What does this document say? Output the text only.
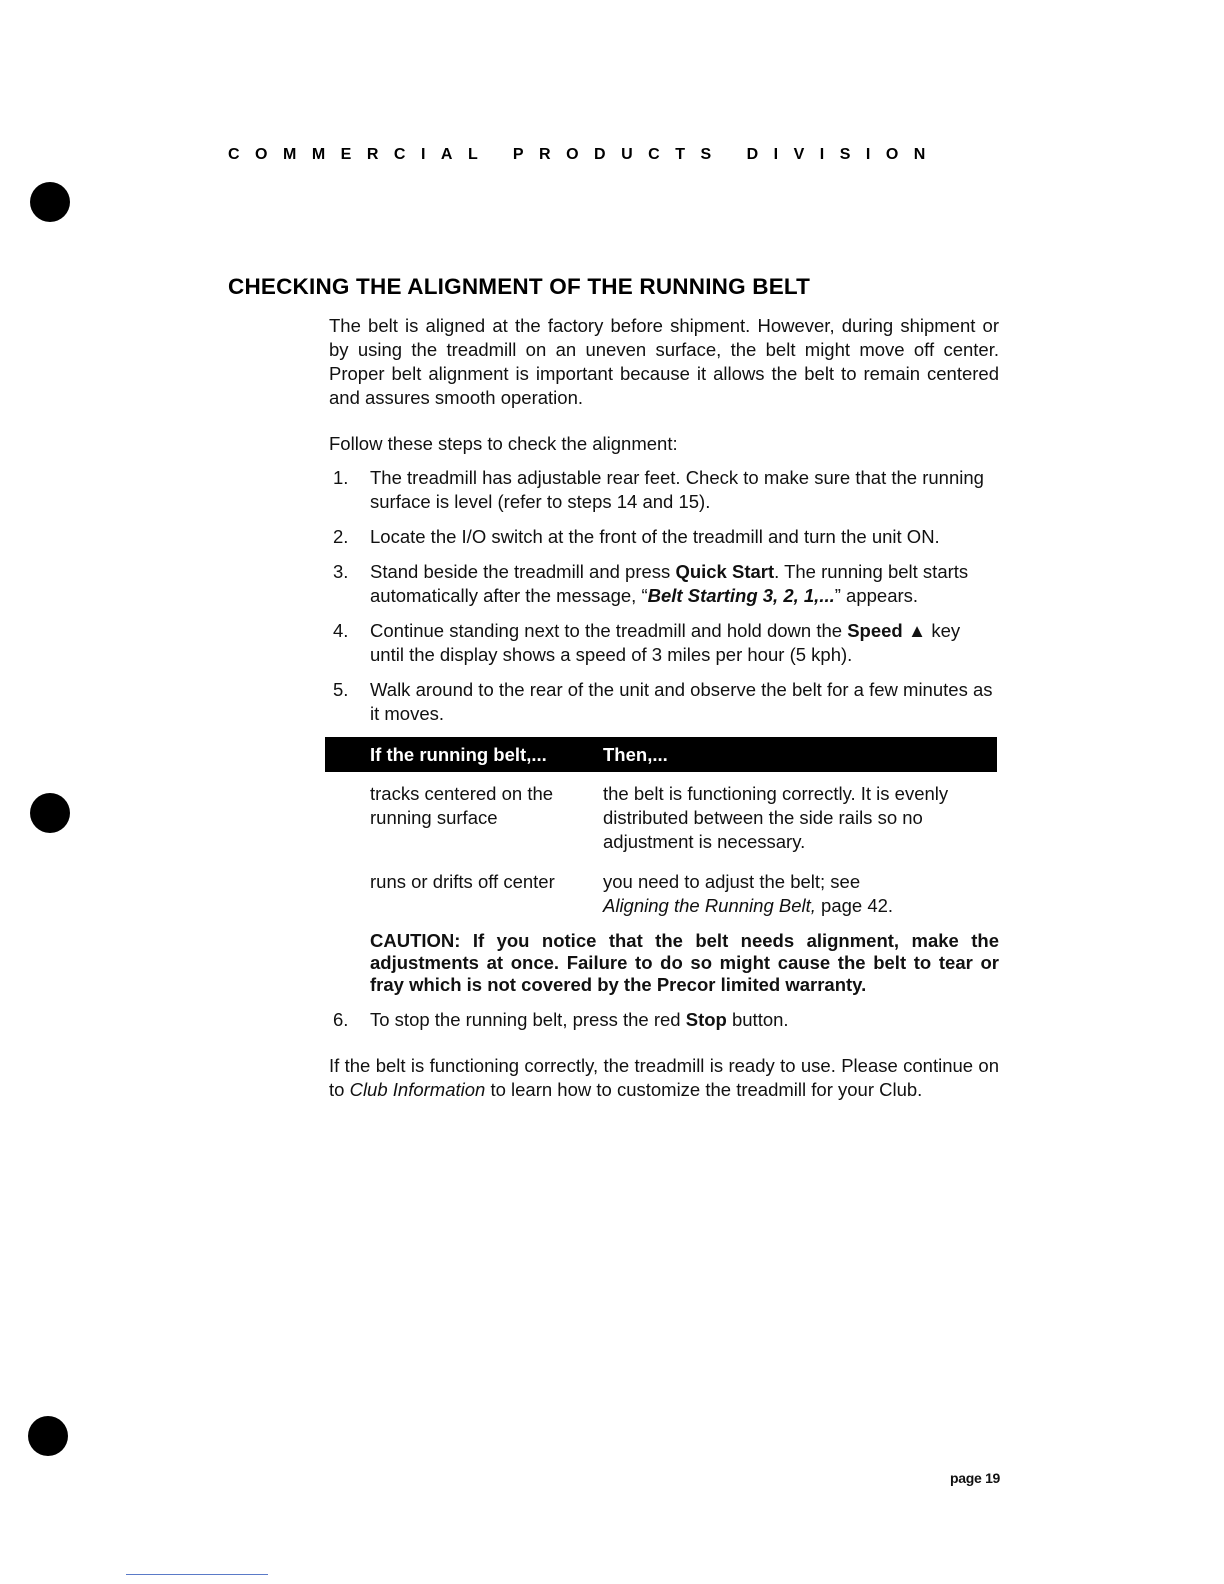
COMMERCIAL PRODUCTS DIVISION
CHECKING THE ALIGNMENT OF THE RUNNING BELT

The belt is aligned at the factory before shipment. However, during shipment or by using the treadmill on an uneven surface, the belt might move off center. Proper belt alignment is important because it allows the belt to remain centered and assures smooth operation.

Follow these steps to check the alignment:

1. The treadmill has adjustable rear feet. Check to make sure that the running surface is level (refer to steps 14 and 15).
2. Locate the I/O switch at the front of the treadmill and turn the unit ON.
3. Stand beside the treadmill and press Quick Start. The running belt starts automatically after the message, “Belt Starting 3, 2, 1,...” appears.
4. Continue standing next to the treadmill and hold down the Speed ▲ key until the display shows a speed of 3 miles per hour (5 kph).
5. Walk around to the rear of the unit and observe the belt for a few minutes as it moves.
If the running belt,...	Then,...
tracks centered on the running surface
the belt is functioning correctly. It is evenly distributed between the side rails so no adjustment is necessary.
runs or drifts off center	you need to adjust the belt; see
Aligning the Running Belt, page 42.

CAUTION: If you notice that the belt needs alignment, make the adjustments at once. Failure to do so might cause the belt to tear or fray which is not covered by the Precor limited warranty.

6. To stop the running belt, press the red Stop button.

If the belt is functioning correctly, the treadmill is ready to use. Please continue on to Club Information to learn how to customize the treadmill for your Club.

page 19
